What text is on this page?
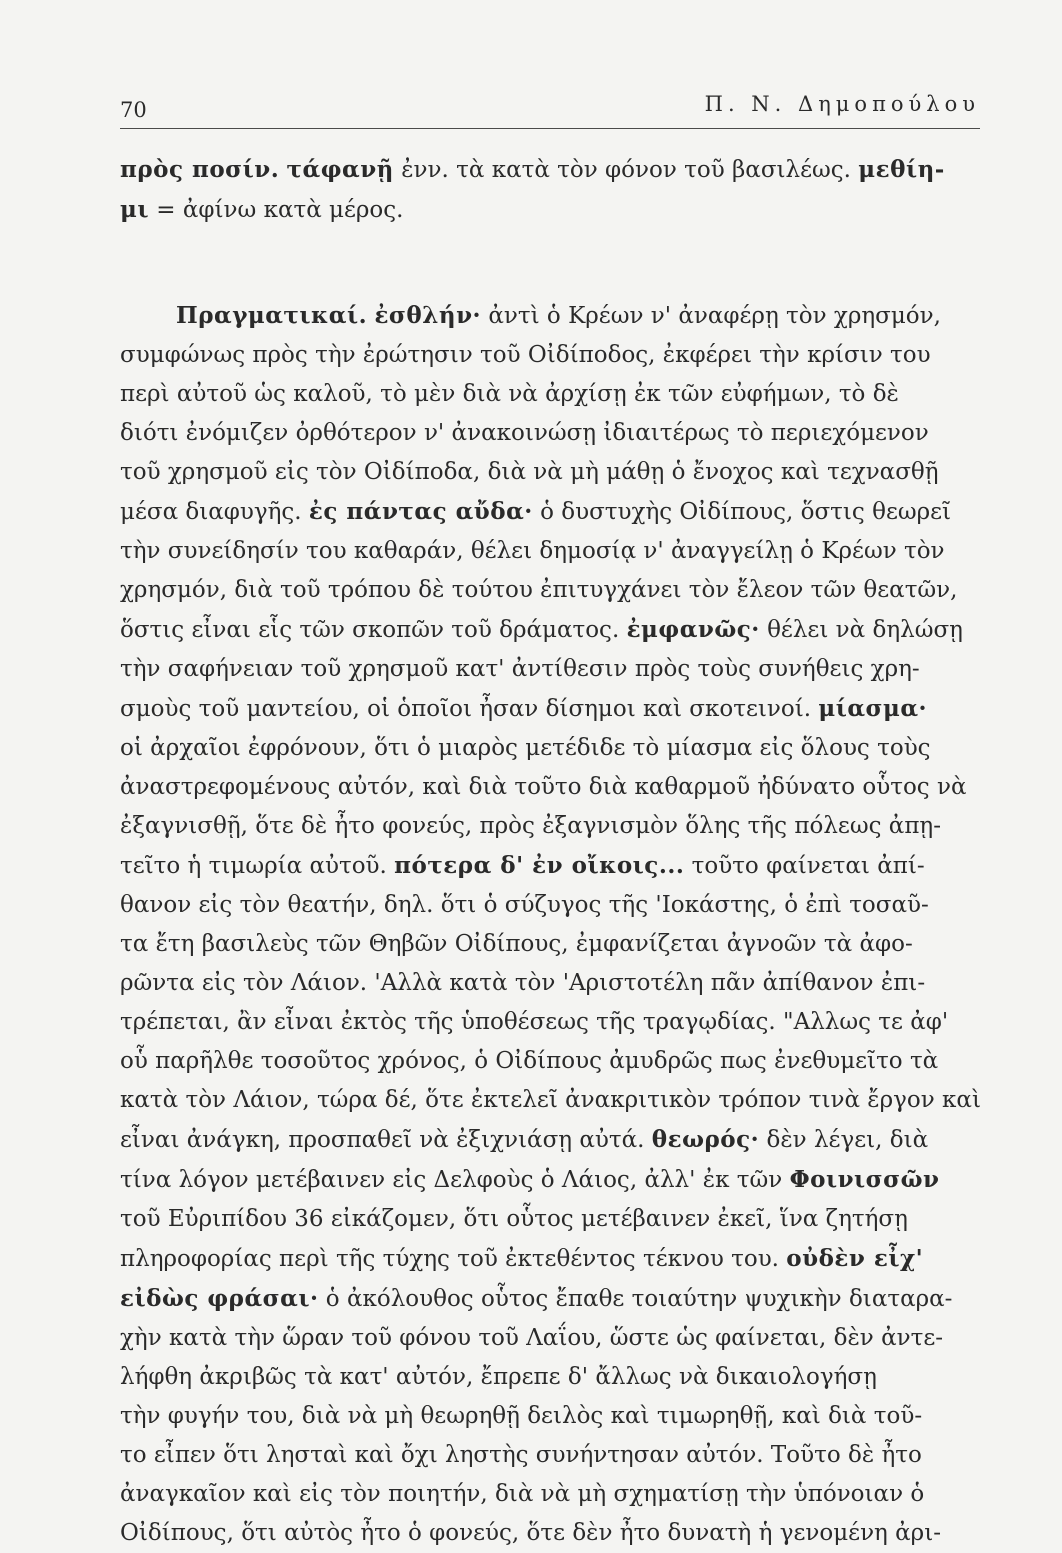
70	Π. Ν. Δημοπούλου
πρὸς ποσίν. τάφανῇ ἐνν. τὰ κατὰ τὸν φόνον τοῦ βασιλέως. μεθίη-
μι = ἀφίνω κατὰ μέρος.
Πραγματικαί. ἐσθλήν· ἀντὶ ὁ Κρέων ν' ἀναφέρῃ τὸν χρησμόν,
συμφώνως πρὸς τὴν ἐρώτησιν τοῦ Οἰδίποδος, ἐκφέρει τὴν κρίσιν του
περὶ αὐτοῦ ὡς καλοῦ, τὸ μὲν διὰ νὰ ἀρχίσῃ ἐκ τῶν εὐφήμων, τὸ δὲ
διότι ἐνόμιζεν ὀρθότερον ν' ἀνακοινώσῃ ἰδιαιτέρως τὸ περιεχόμενον
τοῦ χρησμοῦ εἰς τὸν Οἰδίποδα, διὰ νὰ μὴ μάθῃ ὁ ἔνοχος καὶ τεχνασθῇ
μέσα διαφυγῆς. ἐς πάντας αὔδα· ὁ δυστυχὴς Οἰδίπους, ὅστις θεωρεῖ
τὴν συνείδησίν του καθαράν, θέλει δημοσίᾳ ν' ἀναγγείλῃ ὁ Κρέων τὸν
χρησμόν, διὰ τοῦ τρόπου δὲ τούτου ἐπιτυγχάνει τὸν ἔλεον τῶν θεατῶν,
ὅστις εἶναι εἷς τῶν σκοπῶν τοῦ δράματος. ἐμφανῶς· θέλει νὰ δηλώσῃ
τὴν σαφήνειαν τοῦ χρησμοῦ κατ' ἀντίθεσιν πρὸς τοὺς συνήθεις χρη-
σμοὺς τοῦ μαντείου, οἱ ὁποῖοι ἦσαν δίσημοι καὶ σκοτεινοί. μίασμα·
οἱ ἀρχαῖοι ἐφρόνουν, ὅτι ὁ μιαρὸς μετέδιδε τὸ μίασμα εἰς ὅλους τοὺς
ἀναστρεφομένους αὐτόν, καὶ διὰ τοῦτο διὰ καθαρμοῦ ἠδύνατο οὗτος νὰ
ἐξαγνισθῇ, ὅτε δὲ ἦτο φονεύς, πρὸς ἐξαγνισμὸν ὅλης τῆς πόλεως ἀπῃ-
τεῖτο ἡ τιμωρία αὐτοῦ. πότερα δ' ἐν οἴκοις... τοῦτο φαίνεται ἀπί-
θανον εἰς τὸν θεατήν, δηλ. ὅτι ὁ σύζυγος τῆς 'Ιοκάστης, ὁ ἐπὶ τοσαῦ-
τα ἔτη βασιλεὺς τῶν Θηβῶν Οἰδίπους, ἐμφανίζεται ἀγνοῶν τὰ ἀφο-
ρῶντα εἰς τὸν Λάιον. 'Αλλὰ κατὰ τὸν 'Αριστοτέλη πᾶν ἀπίθανον ἐπι-
τρέπεται, ἂν εἶναι ἐκτὸς τῆς ὑποθέσεως τῆς τραγῳδίας. "Αλλως τε ἀφ'
οὗ παρῆλθε τοσοῦτος χρόνος, ὁ Οἰδίπους ἀμυδρῶς πως ἐνεθυμεῖτο τὰ
κατὰ τὸν Λάιον, τώρα δέ, ὅτε ἐκτελεῖ ἀνακριτικὸν τρόπον τινὰ ἔργον καὶ
εἶναι ἀνάγκη, προσπαθεῖ νὰ ἐξιχνιάσῃ αὐτά. θεωρός· δὲν λέγει, διὰ
τίνα λόγον μετέβαινεν εἰς Δελφοὺς ὁ Λάιος, ἀλλ' ἐκ τῶν Φοινισσῶν
τοῦ Εὐριπίδου 36 εἰκάζομεν, ὅτι οὗτος μετέβαινεν ἐκεῖ, ἵνα ζητήσῃ
πληροφορίας περὶ τῆς τύχης τοῦ ἐκτεθέντος τέκνου του. οὐδὲν εἶχ'
εἰδὼς φράσαι· ὁ ἀκόλουθος οὗτος ἔπαθε τοιαύτην ψυχικὴν διαταρα-
χὴν κατὰ τὴν ὥραν τοῦ φόνου τοῦ Λαΐου, ὥστε ὡς φαίνεται, δὲν ἀντε-
λήφθη ἀκριβῶς τὰ κατ' αὐτόν, ἔπρεπε δ' ἄλλως νὰ δικαιολογήσῃ
τὴν φυγήν του, διὰ νὰ μὴ θεωρηθῇ δειλὸς καὶ τιμωρηθῇ, καὶ διὰ τοῦ-
το εἶπεν ὅτι λησταὶ καὶ ὄχι ληστὴς συνήντησαν αὐτόν. Τοῦτο δὲ ἦτο
ἀναγκαῖον καὶ εἰς τὸν ποιητήν, διὰ νὰ μὴ σχηματίσῃ τὴν ὑπόνοιαν ὁ
Οἰδίπους, ὅτι αὐτὸς ἦτο ὁ φονεύς, ὅτε δὲν ἦτο δυνατὴ ἡ γενομένη ἀρι-
